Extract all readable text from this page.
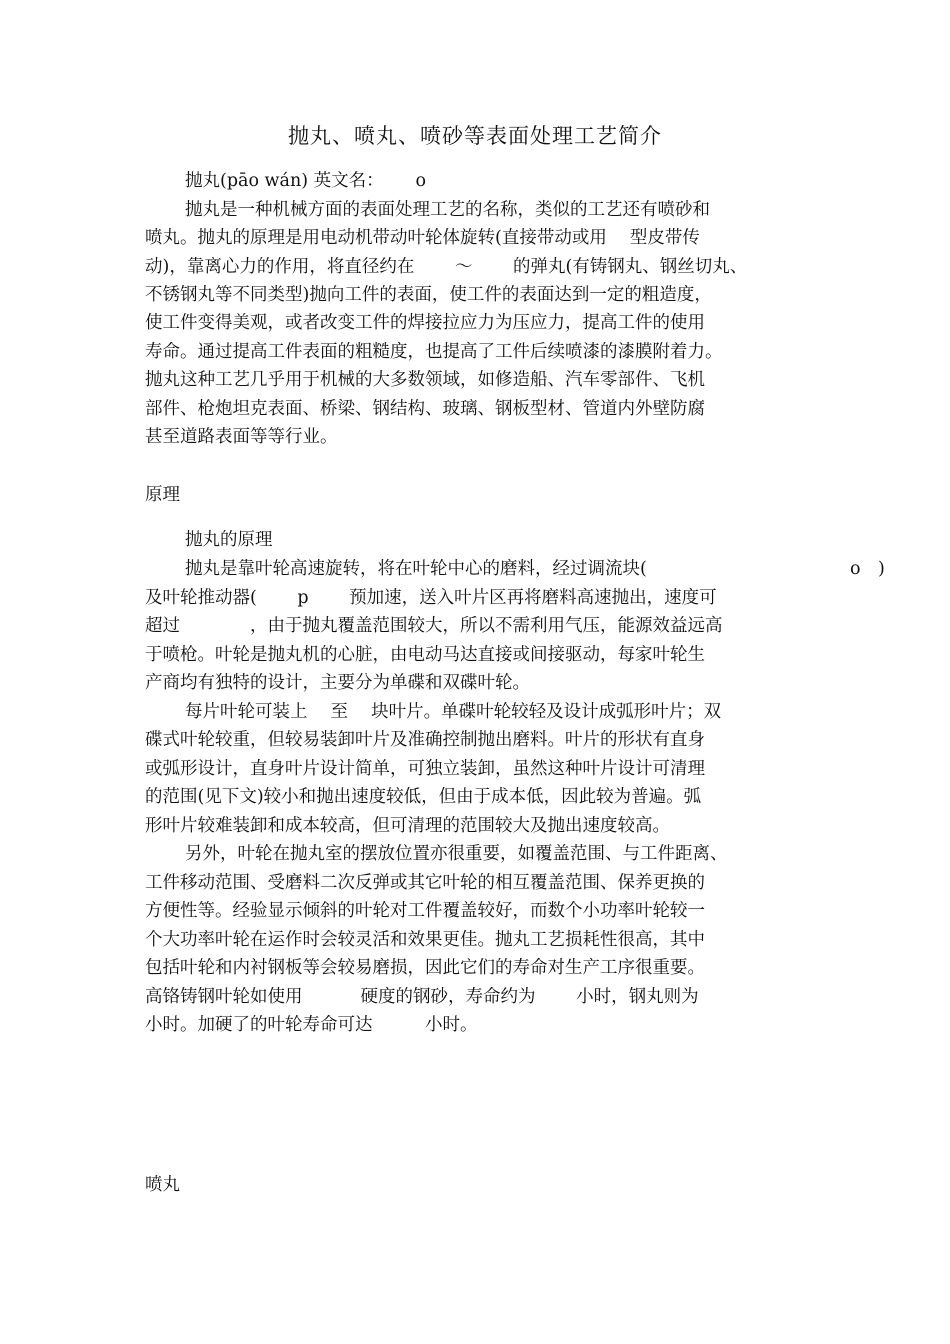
抛丸、喷丸、喷砂等表面处理工艺简介
抛丸(pāo wán) 英文名：　　 o
抛丸是一种机械方面的表面处理工艺的名称，类似的工艺还有喷砂和
喷丸。抛丸的原理是用电动机带动叶轮体旋转(直接带动或用　 型皮带传
动)，靠离心力的作用，将直径约在　　 ～　　 的弹丸(有铸钢丸、钢丝切丸、
不锈钢丸等不同类型)抛向工件的表面，使工件的表面达到一定的粗造度，
使工件变得美观，或者改变工件的焊接拉应力为压应力，提高工件的使用
寿命。通过提高工件表面的粗糙度，也提高了工件后续喷漆的漆膜附着力。
抛丸这种工艺几乎用于机械的大多数领域，如修造船、汽车零部件、飞机
部件、枪炮坦克表面、桥梁、钢结构、玻璃、钢板型材、管道内外壁防腐
甚至道路表面等等行业。
原理
抛丸的原理
抛丸是靠叶轮高速旋转，将在叶轮中心的磨料，经过调流块(	o　)
及叶轮推动器(　　 p　　 预加速，送入叶片区再将磨料高速抛出，速度可
超过　　　　，由于抛丸覆盖范围较大，所以不需利用气压，能源效益远高
于喷枪。叶轮是抛丸机的心脏，由电动马达直接或间接驱动，每家叶轮生
产商均有独特的设计，主要分为单碟和双碟叶轮。
每片叶轮可装上　 至　 块叶片。单碟叶轮较轻及设计成弧形叶片；双
碟式叶轮较重，但较易装卸叶片及准确控制抛出磨料。叶片的形状有直身
或弧形设计，直身叶片设计简单，可独立装卸，虽然这种叶片设计可清理
的范围(见下文)较小和抛出速度较低，但由于成本低，因此较为普遍。弧
形叶片较难装卸和成本较高，但可清理的范围较大及抛出速度较高。
另外，叶轮在抛丸室的摆放位置亦很重要，如覆盖范围、与工件距离、
工件移动范围、受磨料二次反弹或其它叶轮的相互覆盖范围、保养更换的
方便性等。经验显示倾斜的叶轮对工件覆盖较好，而数个小功率叶轮较一
个大功率叶轮在运作时会较灵活和效果更佳。抛丸工艺损耗性很高，其中
包括叶轮和内衬钢板等会较易磨损，因此它们的寿命对生产工序很重要。
高铬铸钢叶轮如使用　　　 硬度的钢砂，寿命约为　　 小时，钢丸则为
小时。加硬了的叶轮寿命可达　　　小时。
喷丸
